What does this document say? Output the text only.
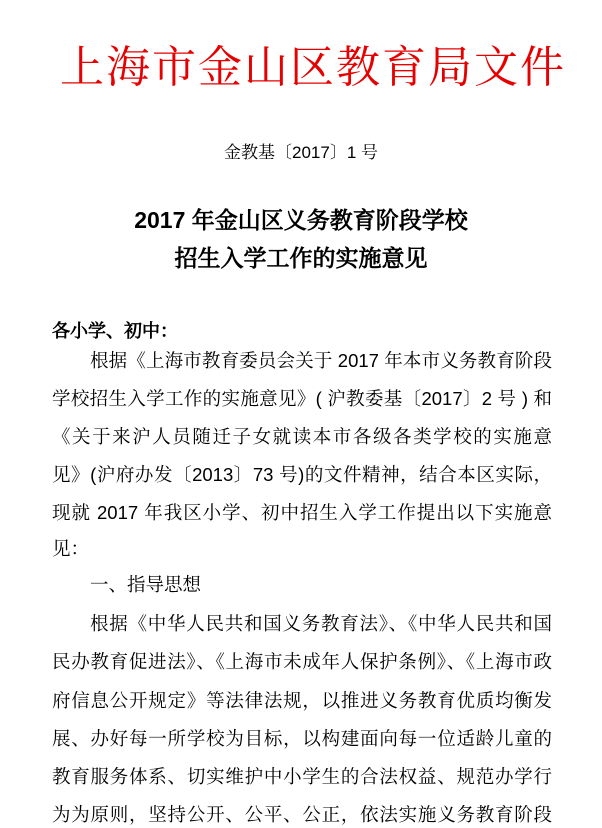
上海市金山区教育局文件
金教基〔2017〕1 号
2017 年金山区义务教育阶段学校
招生入学工作的实施意见
各小学、初中：
根据《上海市教育委员会关于 2017 年本市义务教育阶段
学校招生入学工作的实施意见》( 沪教委基〔2017〕2 号 ) 和
《关于来沪人员随迁子女就读本市各级各类学校的实施意
见》(沪府办发〔2013〕73 号)的文件精神，结合本区实际，
现就 2017 年我区小学、初中招生入学工作提出以下实施意
见：
一、指导思想
根据《中华人民共和国义务教育法》、《中华人民共和国
民办教育促进法》、《上海市未成年人保护条例》、《上海市政
府信息公开规定》等法律法规，以推进义务教育优质均衡发
展、办好每一所学校为目标，以构建面向每一位适龄儿童的
教育服务体系、切实维护中小学生的合法权益、规范办学行
为为原则，坚持公开、公平、公正，依法实施义务教育阶段
